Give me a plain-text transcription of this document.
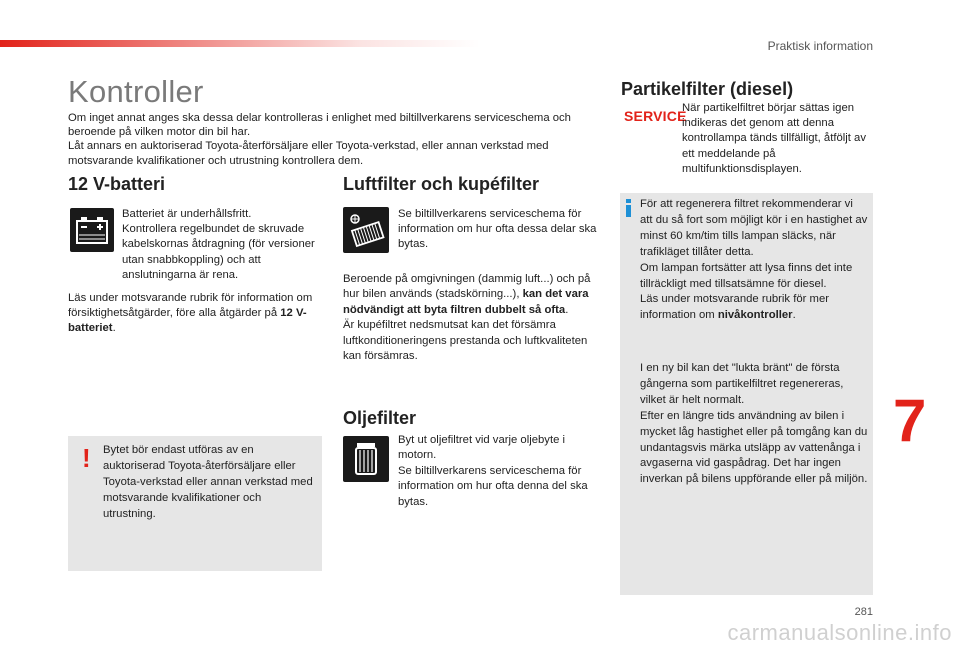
Praktisk information
Kontroller

Om inget annat anges ska dessa delar kontrolleras i enlighet med biltillverkarens serviceschema och beroende på vilken motor din bil har.

Låt annars en auktoriserad Toyota-återförsäljare eller Toyota-verkstad, eller annan verkstad med motsvarande kvalifikationer och utrustning kontrollera dem.

12 V-batteri

Batteriet är underhållsfritt.

Kontrollera regelbundet de skruvade kabelskornas åtdragning (för versioner utan snabbkoppling) och att anslutningarna är rena.

Läs under motsvarande rubrik för information om försiktighetsåtgärder, före alla åtgärder på 12 V-batteriet.

! Bytet bör endast utföras av en auktoriserad Toyota-återförsäljare eller Toyota-verkstad eller annan verkstad med motsvarande kvalifikationer och utrustning.
Luftfilter och kupéfilter
Se biltillverkarens serviceschema för information om hur ofta dessa delar ska bytas.

Beroende på omgivningen (dammig luft...) och på hur bilen används (stadskörning...), kan det vara nödvändigt att byta filtren dubbelt så ofta.

Är kupéfiltret nedsmutsat kan det försämra luftkonditioneringens prestanda och luftkvaliteten kan försämras.

Oljefilter

Byt ut oljefiltret vid varje oljebyte i motorn.

Se biltillverkarens serviceschema för information om hur ofta denna del ska bytas.

Partikelfilter (diesel)
SERVICE
När partikelfiltret börjar sättas igen indikeras det genom att denna kontrollampa tänds tillfälligt, åtföljt av ett meddelande på multifunktionsdisplayen.

För att regenerera filtret rekommenderar vi att du så fort som möjligt kör i en hastighet av minst 60 km/tim tills lampan släcks, när trafikläget tillåter detta.

Om lampan fortsätter att lysa finns det inte tillräckligt med tillsatsämne för diesel.

Läs under motsvarande rubrik för mer information om nivåkontroller.

I en ny bil kan det "lukta bränt" de första gångerna som partikelfiltret regenereras, vilket är helt normalt.

Efter en längre tids användning av bilen i mycket låg hastighet eller på tomgång kan du undantagsvis märka utsläpp av vattenånga i avgaserna vid gaspådrag. Det har ingen inverkan på bilens uppförande eller på miljön.

7
281
carmanualsonline.info
